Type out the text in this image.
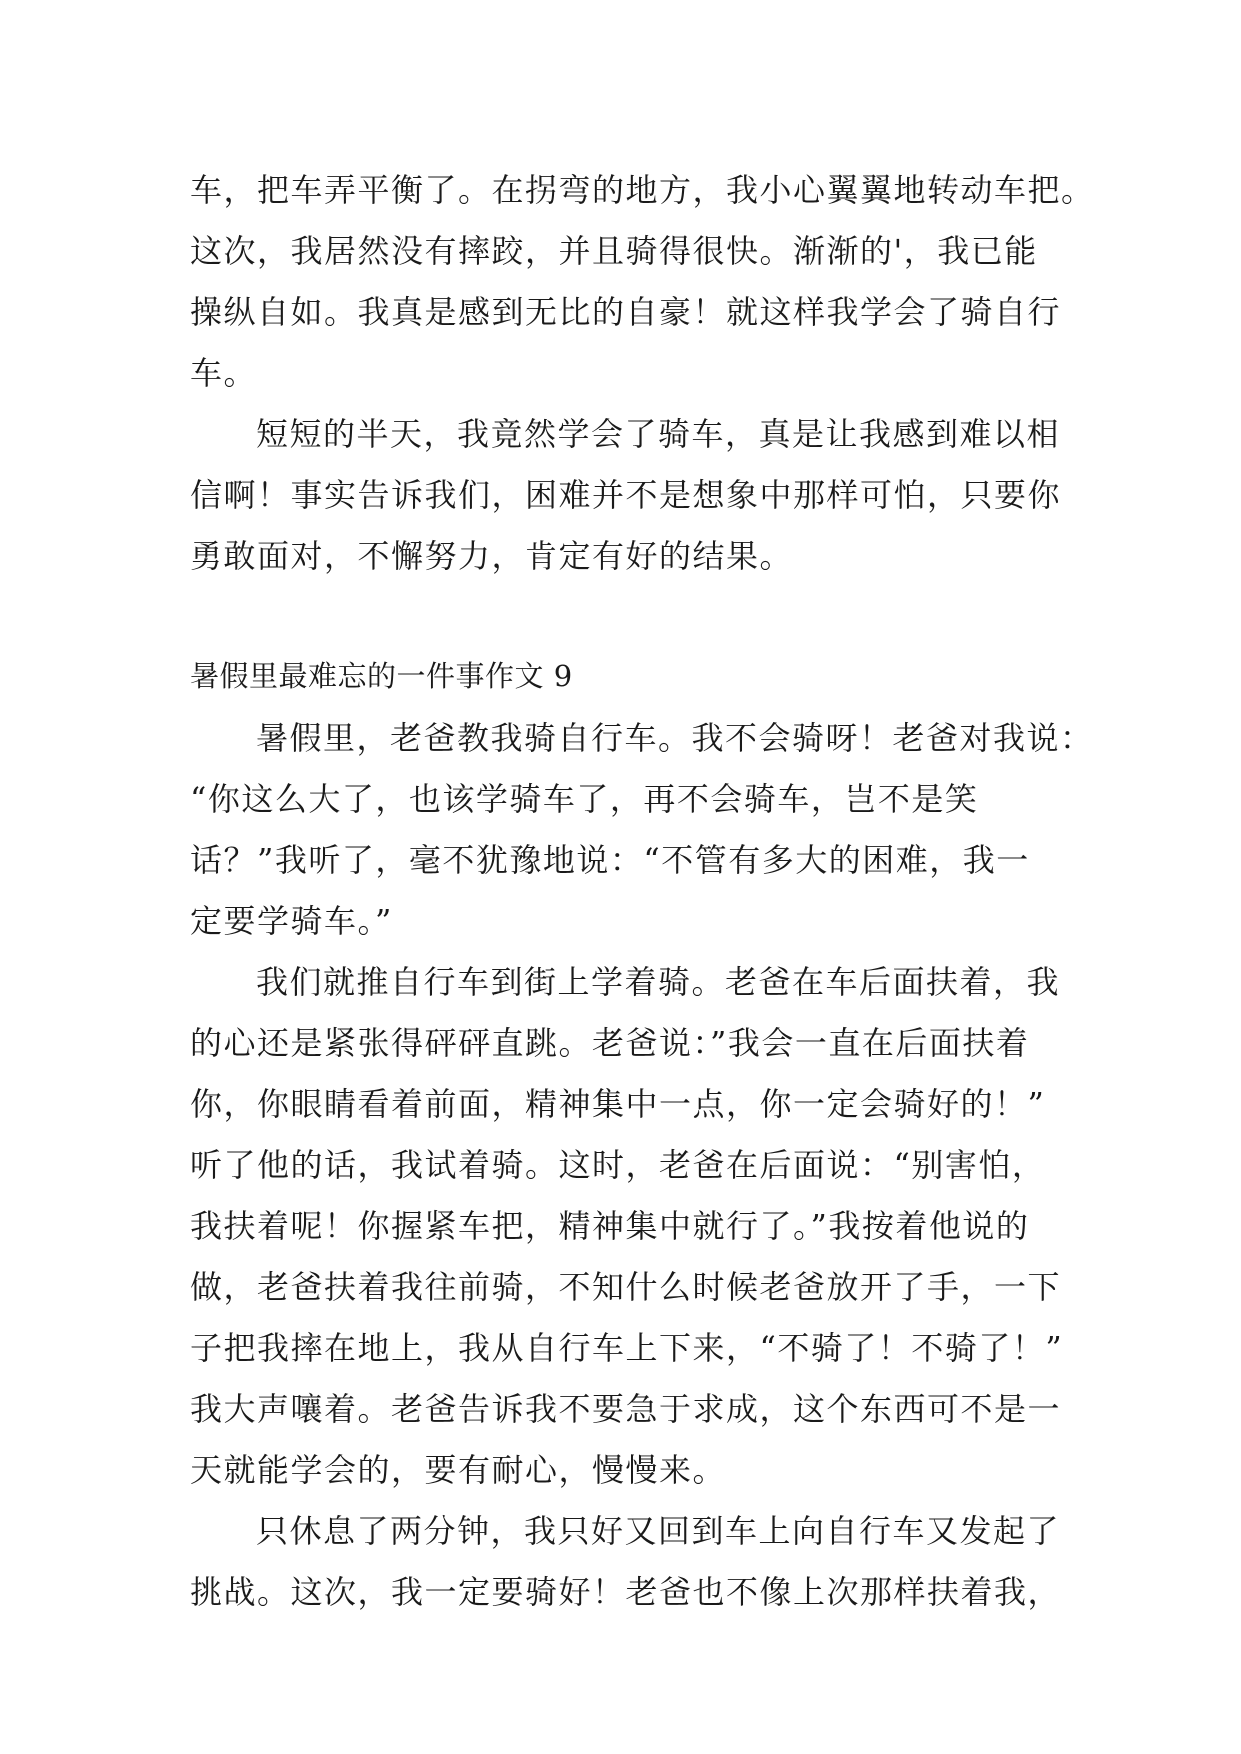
车，把车弄平衡了。在拐弯的地方，我小心翼翼地转动车把。
这次，我居然没有摔跤，并且骑得很快。渐渐的'，我已能
操纵自如。我真是感到无比的自豪！就这样我学会了骑自行
车。
短短的半天，我竟然学会了骑车，真是让我感到难以相
信啊！事实告诉我们，困难并不是想象中那样可怕，只要你
勇敢面对，不懈努力，肯定有好的结果。
暑假里最难忘的一件事作文 9
暑假里，老爸教我骑自行车。我不会骑呀！老爸对我说：
“你这么大了，也该学骑车了，再不会骑车，岂不是笑
话？”我听了，毫不犹豫地说：“不管有多大的困难，我一
定要学骑车。”
我们就推自行车到街上学着骑。老爸在车后面扶着，我
的心还是紧张得砰砰直跳。老爸说：”我会一直在后面扶着
你，你眼睛看着前面，精神集中一点，你一定会骑好的！”
听了他的话，我试着骑。这时，老爸在后面说：“别害怕，
我扶着呢！你握紧车把，精神集中就行了。”我按着他说的
做，老爸扶着我往前骑，不知什么时候老爸放开了手，一下
子把我摔在地上，我从自行车上下来，“不骑了！不骑了！”
我大声嚷着。老爸告诉我不要急于求成，这个东西可不是一
天就能学会的，要有耐心，慢慢来。
只休息了两分钟，我只好又回到车上向自行车又发起了
挑战。这次，我一定要骑好！老爸也不像上次那样扶着我，
